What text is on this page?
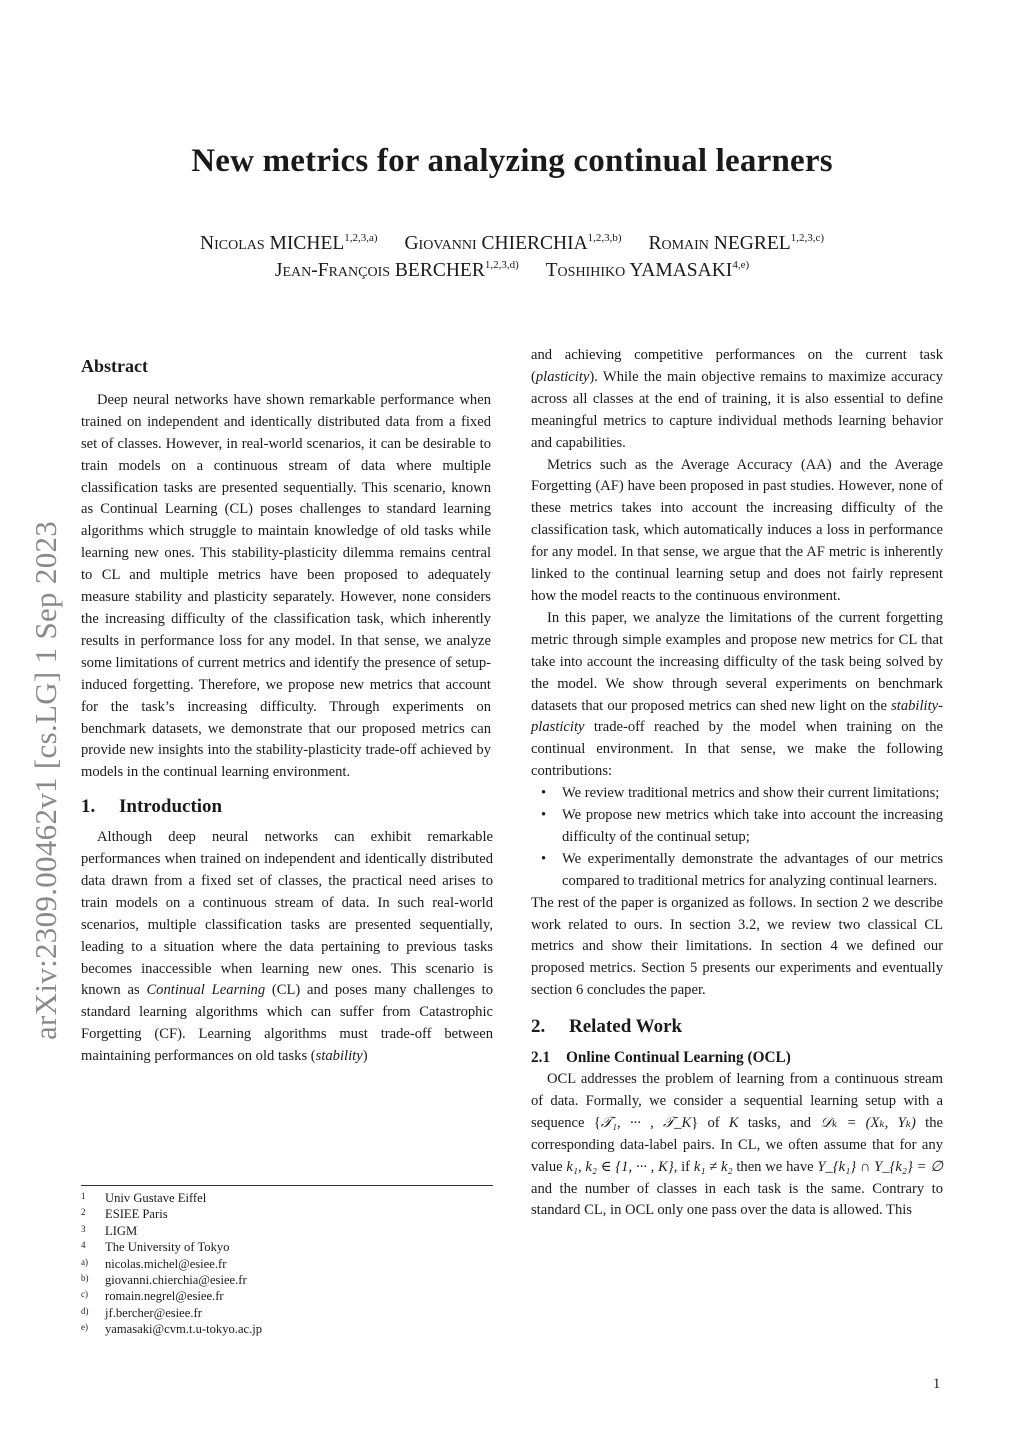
New metrics for analyzing continual learners
Nicolas MICHEL$^{1,2,3,a)}$ Giovanni CHIERCHIA$^{1,2,3,b)}$ Romain NEGREL$^{1,2,3,c)}$
Jean-François BERCHER$^{1,2,3,d)}$ Toshihiko YAMASAKI$^{4,e)}$
arXiv:2309.00462v1 [cs.LG] 1 Sep 2023
Abstract

Deep neural networks have shown remarkable performance when trained on independent and identically distributed data from a fixed set of classes. However, in real-world scenarios, it can be desirable to train models on a continuous stream of data where multiple classification tasks are presented sequentially. This scenario, known as Continual Learning (CL) poses challenges to standard learning algorithms which struggle to maintain knowledge of old tasks while learning new ones. This stability-plasticity dilemma remains central to CL and multiple metrics have been proposed to adequately measure stability and plasticity separately. However, none considers the increasing difficulty of the classification task, which inherently results in performance loss for any model. In that sense, we analyze some limitations of current metrics and identify the presence of setup-induced forgetting. Therefore, we propose new metrics that account for the task’s increasing difficulty. Through experiments on benchmark datasets, we demonstrate that our proposed metrics can provide new insights into the stability-plasticity trade-off achieved by models in the continual learning environment.

1. Introduction

Although deep neural networks can exhibit remarkable performances when trained on independent and identically distributed data drawn from a fixed set of classes, the practical need arises to train models on a continuous stream of data. In such real-world scenarios, multiple classification tasks are presented sequentially, leading to a situation where the data pertaining to previous tasks becomes inaccessible when learning new ones. This scenario is known as Continual Learning (CL) and poses many challenges to standard learning algorithms which can suffer from Catastrophic Forgetting (CF). Learning algorithms must trade-off between maintaining performances on old tasks (stability)

1	Univ Gustave Eiffel
2	ESIEE Paris
3	LIGM
4	The University of Tokyo
a)	nicolas.michel@esiee.fr
b)	giovanni.chierchia@esiee.fr
c)	romain.negrel@esiee.fr
d)	jf.bercher@esiee.fr
e)	yamasaki@cvm.t.u-tokyo.ac.jp

and achieving competitive performances on the current task (plasticity). While the main objective remains to maximize accuracy across all classes at the end of training, it is also essential to define meaningful metrics to capture individual methods learning behavior and capabilities.

Metrics such as the Average Accuracy (AA) and the Average Forgetting (AF) have been proposed in past studies. However, none of these metrics takes into account the increasing difficulty of the classification task, which automatically induces a loss in performance for any model. In that sense, we argue that the AF metric is inherently linked to the continual learning setup and does not fairly represent how the model reacts to the continuous environment.

In this paper, we analyze the limitations of the current forgetting metric through simple examples and propose new metrics for CL that take into account the increasing difficulty of the task being solved by the model. We show through several experiments on benchmark datasets that our proposed metrics can shed new light on the stability-plasticity trade-off reached by the model when training on the continual environment. In that sense, we make the following contributions:

• We review traditional metrics and show their current limitations;
• We propose new metrics which take into account the increasing difficulty of the continual setup;
• We experimentally demonstrate the advantages of our metrics compared to traditional metrics for analyzing continual learners.

The rest of the paper is organized as follows. In section 2 we describe work related to ours. In section 3.2, we review two classical CL metrics and show their limitations. In section 4 we defined our proposed metrics. Section 5 presents our experiments and eventually section 6 concludes the paper.

2. Related Work
2.1 Online Continual Learning (OCL)

OCL addresses the problem of learning from a continuous stream of data. Formally, we consider a sequential learning setup with a sequence {𝒯₁, ··· , 𝒯_K} of K tasks, and 𝒟ₖ = (Xₖ, Yₖ) the corresponding data-label pairs. In CL, we often assume that for any value k₁, k₂ ∈ {1, ··· , K}, if k₁ ≠ k₂ then we have Y_{k₁} ∩ Y_{k₂} = ∅ and the number of classes in each task is the same. Contrary to standard CL, in OCL only one pass over the data is allowed. This

1
